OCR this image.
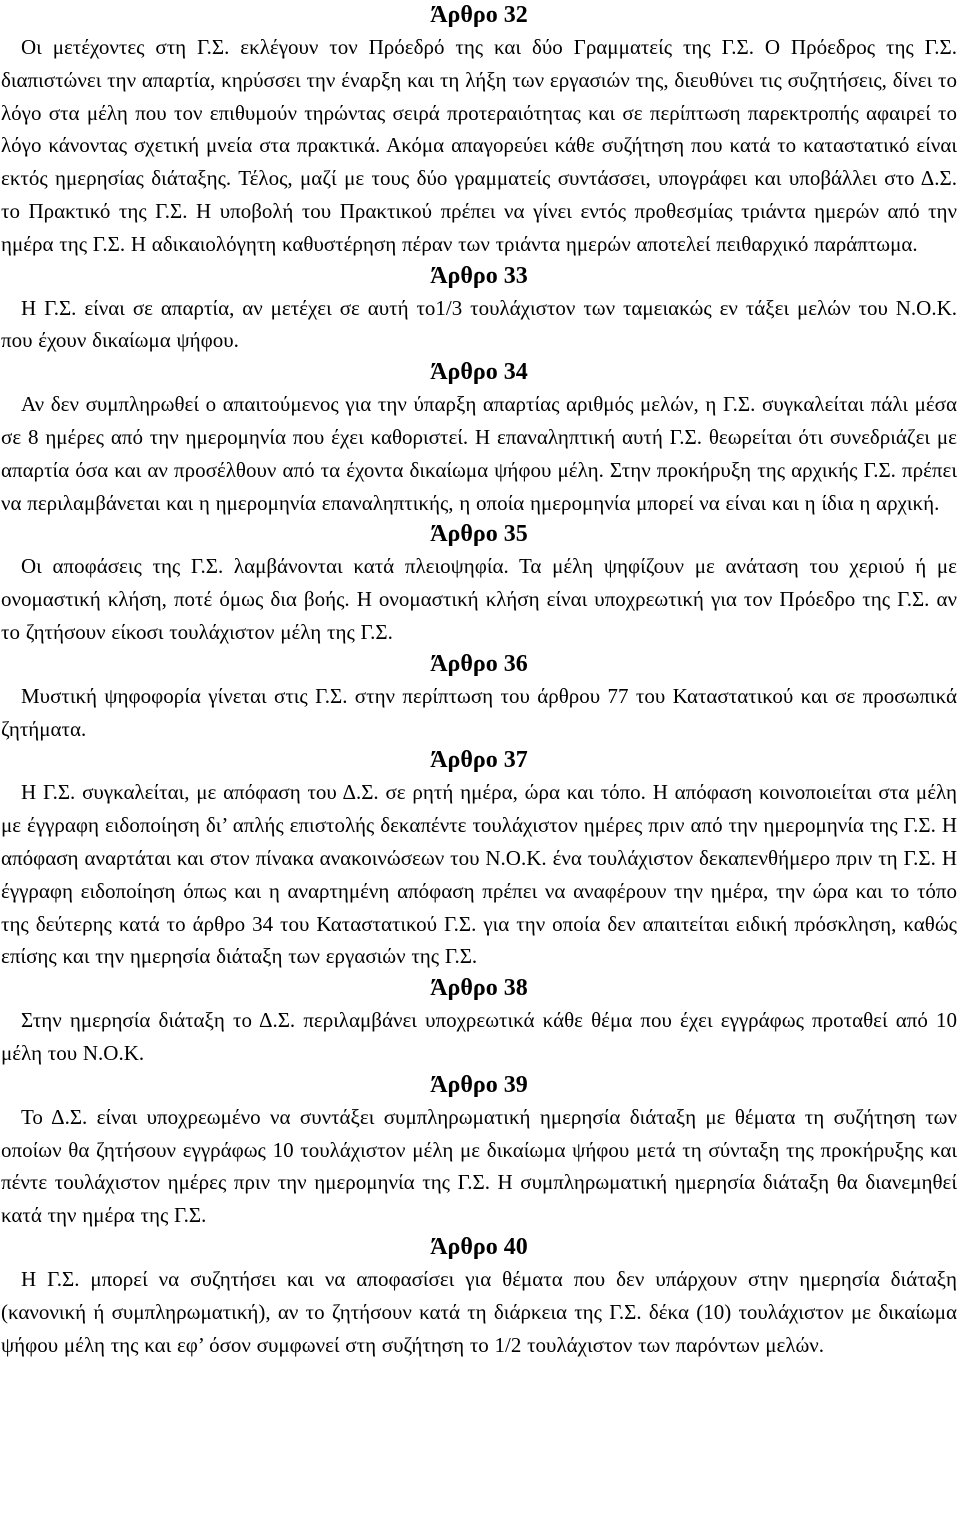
Άρθρο 32

Οι μετέχοντες στη Γ.Σ. εκλέγουν τον Πρόεδρό της και δύο Γραμματείς της Γ.Σ. Ο Πρόεδρος της Γ.Σ. διαπιστώνει την απαρτία, κηρύσσει την έναρξη και τη λήξη των εργασιών της, διευθύνει τις συζητήσεις, δίνει το λόγο στα μέλη που τον επιθυμούν τηρώντας σειρά προτεραιότητας και σε περίπτωση παρεκτροπής αφαιρεί το λόγο κάνοντας σχετική μνεία στα πρακτικά. Ακόμα απαγορεύει κάθε συζήτηση που κατά το καταστατικό είναι εκτός ημερησίας διάταξης. Τέλος, μαζί με τους δύο γραμματείς συντάσσει, υπογράφει και υποβάλλει στο Δ.Σ. το Πρακτικό της Γ.Σ. Η υποβολή του Πρακτικού πρέπει να γίνει εντός προθεσμίας τριάντα ημερών από την ημέρα της Γ.Σ. Η αδικαιολόγητη καθυστέρηση πέραν των τριάντα ημερών αποτελεί πειθαρχικό παράπτωμα.

Άρθρο 33

Η Γ.Σ. είναι σε απαρτία, αν μετέχει σε αυτή το1/3 τουλάχιστον των ταμειακώς εν τάξει μελών του Ν.Ο.Κ. που έχουν δικαίωμα ψήφου.

Άρθρο 34

Αν δεν συμπληρωθεί ο απαιτούμενος για την ύπαρξη απαρτίας αριθμός μελών, η Γ.Σ. συγκαλείται πάλι μέσα σε 8 ημέρες από την ημερομηνία που έχει καθοριστεί. Η επαναληπτική αυτή Γ.Σ. θεωρείται ότι συνεδριάζει με απαρτία όσα και αν προσέλθουν από τα έχοντα δικαίωμα ψήφου μέλη. Στην προκήρυξη της αρχικής Γ.Σ. πρέπει να περιλαμβάνεται και η ημερομηνία επαναληπτικής, η οποία ημερομηνία μπορεί να είναι και η ίδια η αρχική.

Άρθρο 35

Οι αποφάσεις της Γ.Σ. λαμβάνονται κατά πλειοψηφία. Τα μέλη ψηφίζουν με ανάταση του χεριού ή με ονομαστική κλήση, ποτέ όμως δια βοής. Η ονομαστική κλήση είναι υποχρεωτική για τον Πρόεδρο της Γ.Σ. αν το ζητήσουν είκοσι τουλάχιστον μέλη της Γ.Σ.

Άρθρο 36

Μυστική ψηφοφορία γίνεται στις Γ.Σ. στην περίπτωση του άρθρου 77 του Καταστατικού και σε προσωπικά ζητήματα.

Άρθρο 37

Η Γ.Σ. συγκαλείται, με απόφαση του Δ.Σ. σε ρητή ημέρα, ώρα και τόπο. Η απόφαση κοινοποιείται στα μέλη με έγγραφη ειδοποίηση δι’ απλής επιστολής δεκαπέντε τουλάχιστον ημέρες πριν από την ημερομηνία της Γ.Σ. Η απόφαση αναρτάται και στον πίνακα ανακοινώσεων του Ν.Ο.Κ. ένα τουλάχιστον δεκαπενθήμερο πριν τη Γ.Σ. Η έγγραφη ειδοποίηση όπως και η αναρτημένη απόφαση πρέπει να αναφέρουν την ημέρα, την ώρα και το τόπο της δεύτερης κατά το άρθρο 34 του Καταστατικού Γ.Σ. για την οποία δεν απαιτείται ειδική πρόσκληση, καθώς επίσης και την ημερησία διάταξη των εργασιών της Γ.Σ.

Άρθρο 38

Στην ημερησία διάταξη το Δ.Σ. περιλαμβάνει υποχρεωτικά κάθε θέμα που έχει εγγράφως προταθεί από 10 μέλη του Ν.Ο.Κ.

Άρθρο 39

Το Δ.Σ. είναι υποχρεωμένο να συντάξει συμπληρωματική ημερησία διάταξη με θέματα τη συζήτηση των οποίων θα ζητήσουν εγγράφως 10 τουλάχιστον μέλη με δικαίωμα ψήφου μετά τη σύνταξη της προκήρυξης και πέντε τουλάχιστον ημέρες πριν την ημερομηνία της Γ.Σ. Η συμπληρωματική ημερησία διάταξη θα διανεμηθεί κατά την ημέρα της Γ.Σ.

Άρθρο 40

Η Γ.Σ. μπορεί να συζητήσει και να αποφασίσει για θέματα που δεν υπάρχουν στην ημερησία διάταξη (κανονική ή συμπληρωματική), αν το ζητήσουν κατά τη διάρκεια της Γ.Σ. δέκα (10) τουλάχιστον με δικαίωμα ψήφου μέλη της και εφ’ όσον συμφωνεί στη συζήτηση το 1/2 τουλάχιστον των παρόντων μελών.
